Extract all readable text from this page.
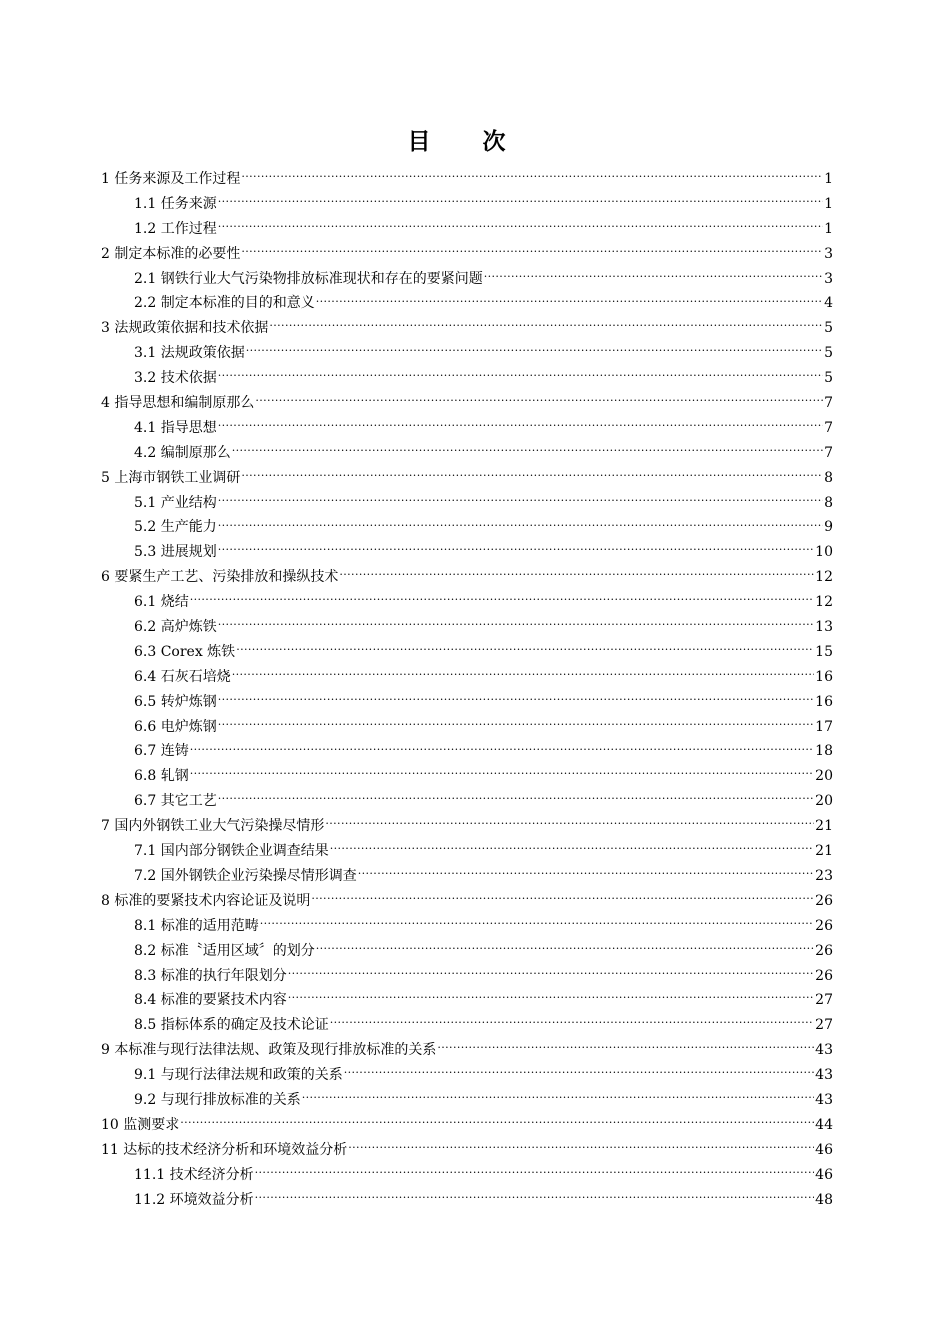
目 次
1 任务来源及工作过程 .....	1
1.1 任务来源 .....	1
1.2 工作过程 .....	1
2 制定本标准的必要性 .....	3
2.1 钢铁行业大气污染物排放标准现状和存在的要紧问题 .....	3
2.2 制定本标准的目的和意义 .....	4
3 法规政策依据和技术依据 .....	5
3.1 法规政策依据 .....	5
3.2 技术依据 .....	5
4 指导思想和编制原那么 .....	7
4.1 指导思想 .....	7
4.2 编制原那么 .....	7
5 上海市钢铁工业调研 .....	8
5.1 产业结构 .....	8
5.2 生产能力 .....	9
5.3 进展规划 .....	10
6 要紧生产工艺、污染排放和操纵技术 .....	12
6.1 烧结 .....	12
6.2 高炉炼铁 .....	13
6.3 Corex 炼铁 .....	15
6.4 石灰石培烧 .....	16
6.5 转炉炼钢 .....	16
6.6 电炉炼钢 .....	17
6.7 连铸 .....	18
6.8 轧钢 .....	20
6.7 其它工艺 .....	20
7 国内外钢铁工业大气污染操尽情形 .....	21
7.1 国内部分钢铁企业调查结果 .....	21
7.2 国外钢铁企业污染操尽情形调查 .....	23
8 标准的要紧技术内容论证及说明 .....	26
8.1 标准的适用范畴 .....	26
8.2 标准〝适用区域〞的划分 .....	26
8.3 标准的执行年限划分 .....	26
8.4 标准的要紧技术内容 .....	27
8.5 指标体系的确定及技术论证 .....	27
9 本标准与现行法律法规、政策及现行排放标准的关系 .....	43
9.1 与现行法律法规和政策的关系 .....	43
9.2 与现行排放标准的关系 .....	43
10 监测要求 .....	44
11 达标的技术经济分析和环境效益分析 .....	46
11.1 技术经济分析 .....	46
11.2 环境效益分析 .....	48
